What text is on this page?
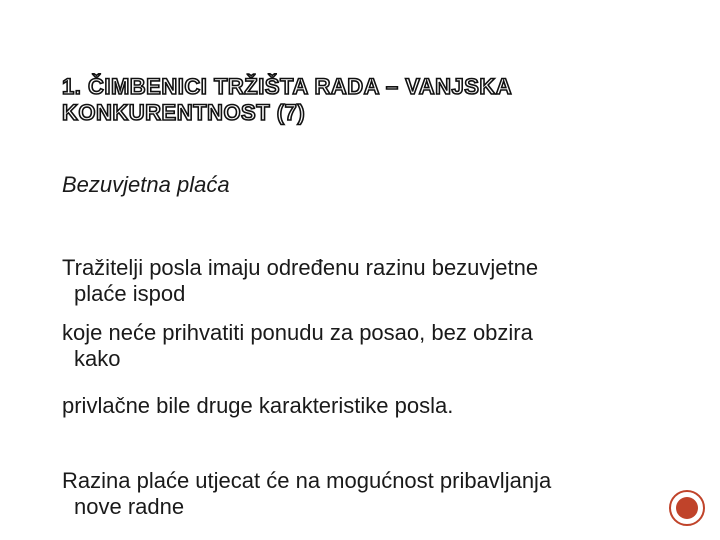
1. ČIMBENICI TRŽIŠTA RADA – VANJSKA
KONKURENTNOST (7)

Bezuvjetna plaća

Tražitelji posla imaju određenu razinu bezuvjetne
plaće ispod

koje neće prihvatiti ponudu za posao, bez obzira
kako

privlačne bile druge karakteristike posla.

Razina plaće utjecat će na mogućnost pribavljanja
nove radne
